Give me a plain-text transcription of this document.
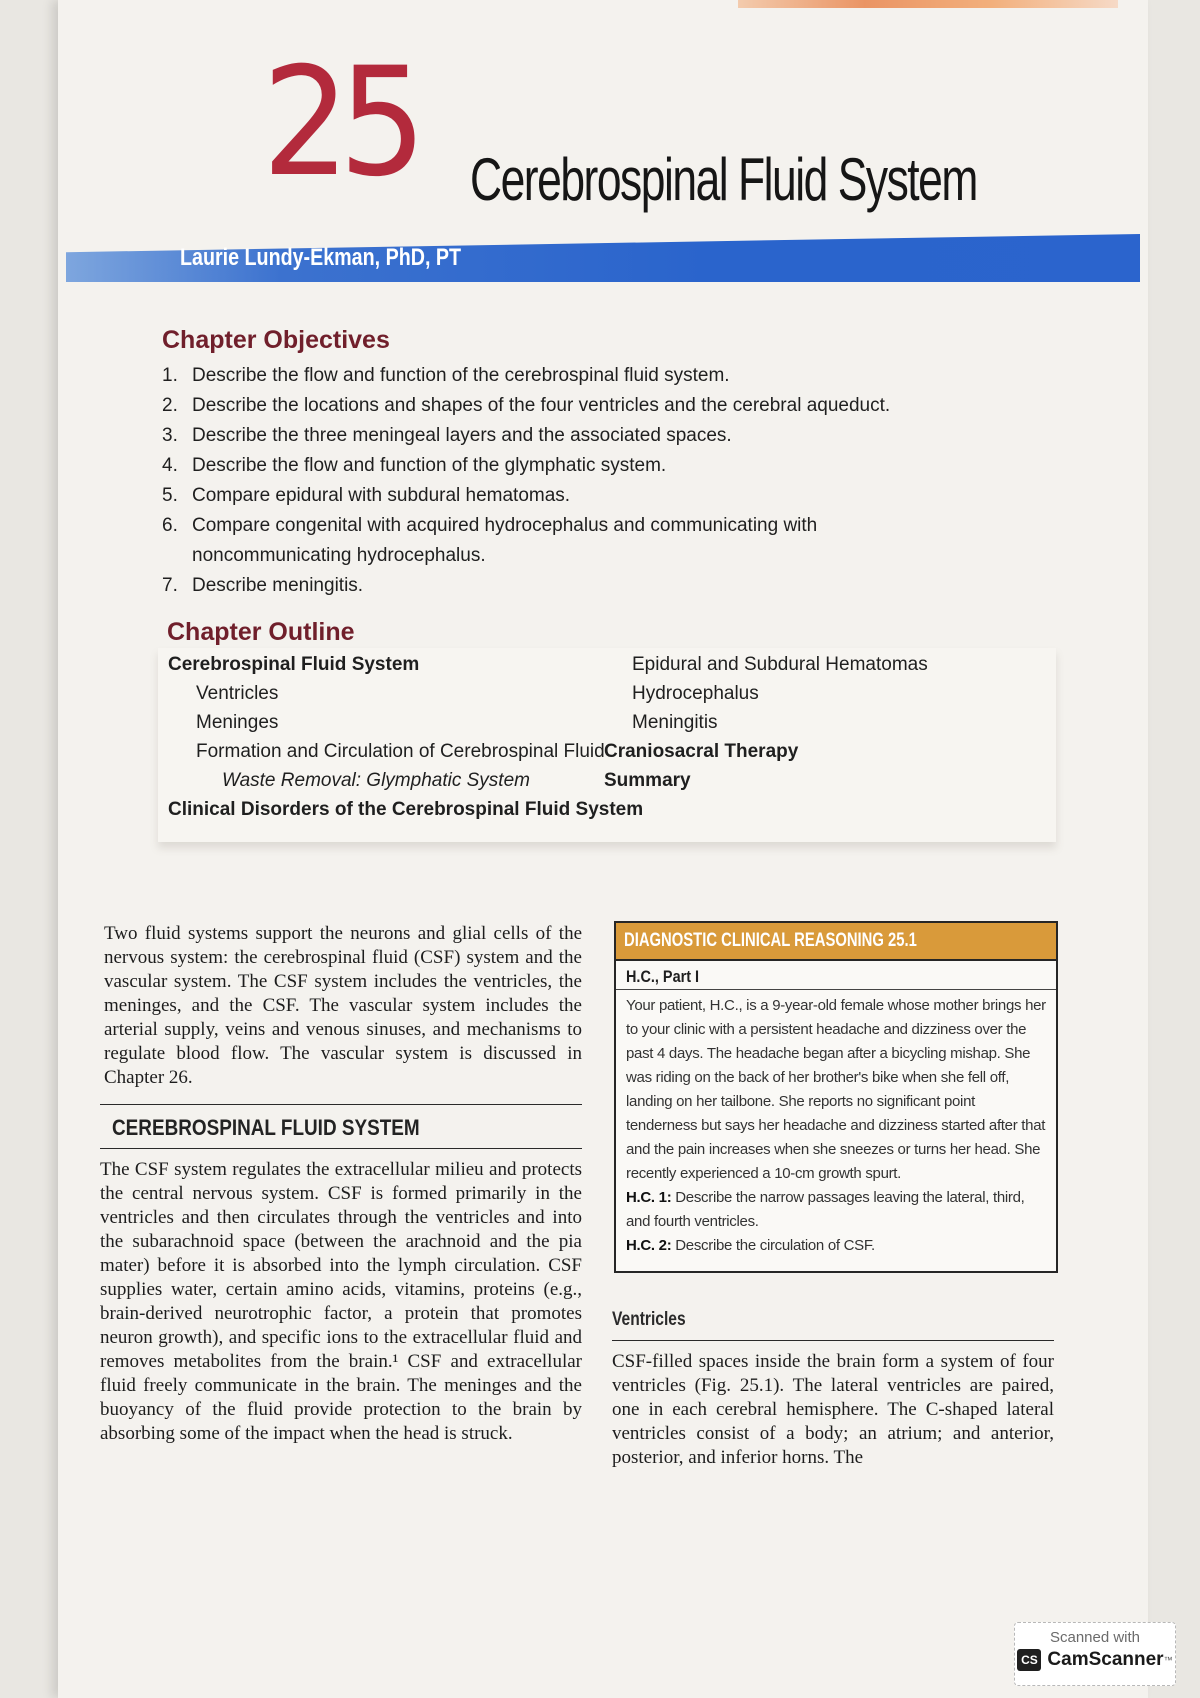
25 Cerebrospinal Fluid System
Laurie Lundy-Ekman, PhD, PT
Chapter Objectives
1. Describe the flow and function of the cerebrospinal fluid system.
2. Describe the locations and shapes of the four ventricles and the cerebral aqueduct.
3. Describe the three meningeal layers and the associated spaces.
4. Describe the flow and function of the glymphatic system.
5. Compare epidural with subdural hematomas.
6. Compare congenital with acquired hydrocephalus and communicating with noncommunicating hydrocephalus.
7. Describe meningitis.
Chapter Outline
Cerebrospinal Fluid System
Ventricles
Meninges
Formation and Circulation of Cerebrospinal Fluid
Waste Removal: Glymphatic System
Clinical Disorders of the Cerebrospinal Fluid System
Epidural and Subdural Hematomas
Hydrocephalus
Meningitis
Craniosacral Therapy
Summary
Two fluid systems support the neurons and glial cells of the nervous system: the cerebrospinal fluid (CSF) system and the vascular system. The CSF system includes the ventricles, the meninges, and the CSF. The vascular system includes the arterial supply, veins and venous sinuses, and mechanisms to regulate blood flow. The vascular system is discussed in Chapter 26.
CEREBROSPINAL FLUID SYSTEM
The CSF system regulates the extracellular milieu and protects the central nervous system. CSF is formed primarily in the ventricles and then circulates through the ventricles and into the subarachnoid space (between the arachnoid and the pia mater) before it is absorbed into the lymph circulation. CSF supplies water, certain amino acids, vitamins, proteins (e.g., brain-derived neurotrophic factor, a protein that promotes neuron growth), and specific ions to the extracellular fluid and removes metabolites from the brain.¹ CSF and extracellular fluid freely communicate in the brain. The meninges and the buoyancy of the fluid provide protection to the brain by absorbing some of the impact when the head is struck.
DIAGNOSTIC CLINICAL REASONING 25.1
H.C., Part I
Your patient, H.C., is a 9-year-old female whose mother brings her to your clinic with a persistent headache and dizziness over the past 4 days. The headache began after a bicycling mishap. She was riding on the back of her brother's bike when she fell off, landing on her tailbone. She reports no significant point tenderness but says her headache and dizziness started after that and the pain increases when she sneezes or turns her head. She recently experienced a 10-cm growth spurt.
H.C. 1: Describe the narrow passages leaving the lateral, third, and fourth ventricles.
H.C. 2: Describe the circulation of CSF.
Ventricles
CSF-filled spaces inside the brain form a system of four ventricles (Fig. 25.1). The lateral ventricles are paired, one in each cerebral hemisphere. The C-shaped lateral ventricles consist of a body; an atrium; and anterior, posterior, and inferior horns. The
Scanned with
CS CamScanner ™
